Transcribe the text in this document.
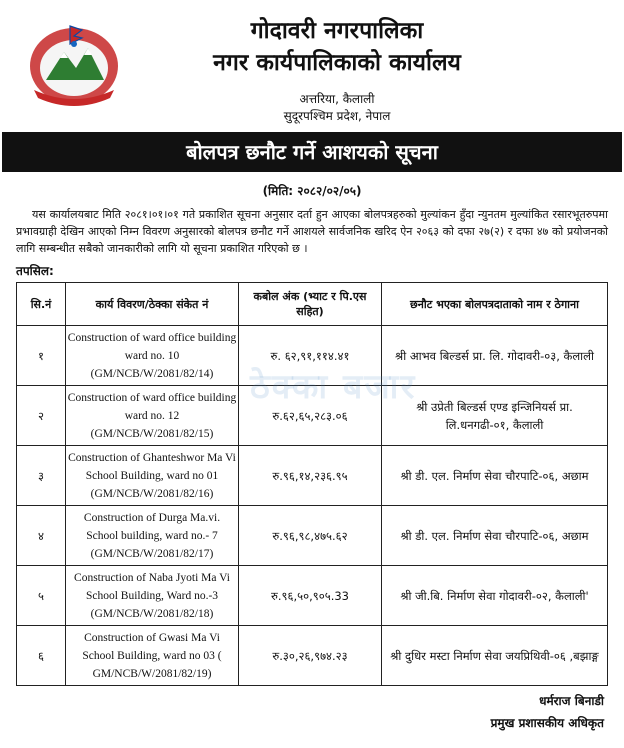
गोदावरी नगरपालिका
नगर कार्यपालिकाको कार्यालय
अत्तरिया, कैलाली
सुदूरपश्चिम प्रदेश, नेपाल
बोलपत्र छनौट गर्ने आशयको सूचना
(मिति: २०८२/०२/०५)
यस कार्यालयबाट मिति २०८१।०१।०१ गते प्रकाशित सूचना अनुसार दर्ता हुन आएका बोलपत्रहरुको मुल्यांकन हुँदा न्युनतम मुल्यांकित रसारभूतरुपमा प्रभावग्राही देखिन आएको निम्न विवरण अनुसारको बोलपत्र छनौट गर्ने आशयले सार्वजनिक खरिद ऐन २०६३ को दफा २७(२) र दफा ४७ को प्रयोजनको लागि सम्बन्धीत सबैको जानकारीको लागि यो सूचना प्रकाशित गरिएको छ ।
तपसिल:
सि.नं	कार्य विवरण/ठेक्का संकेत नं	कबोल अंक (भ्याट र पि.एस सहित)	छनौट भएका बोलपत्रदाताको नाम र ठेगाना
१	Construction of ward office building ward no. 10 (GM/NCB/W/2081/82/14)	रु. ६२,९१,११४.४१	श्री आभव बिल्डर्स प्रा. लि. गोदावरी-०३, कैलाली
२	Construction of ward office building ward no. 12 (GM/NCB/W/2081/82/15)	रु.६२,६५,२८३.०६	श्री उप्रेती बिल्डर्स एण्ड इन्जिनियर्स प्रा. लि.धनगढी-०१, कैलाली
३	Construction of Ghanteshwor Ma Vi School Building, ward no 01 (GM/NCB/W/2081/82/16)	रु.९६,१४,२३६.९५	श्री डी. एल. निर्माण सेवा चौरपाटि-०६, अछाम
४	Construction of Durga Ma.vi. School building, ward no.- 7 (GM/NCB/W/2081/82/17)	रु.९६,९८,४७५.६२	श्री डी. एल. निर्माण सेवा चौरपाटि-०६, अछाम
५	Construction of Naba Jyoti Ma Vi School Building, Ward no.-3 (GM/NCB/W/2081/82/18)	रु.९६,५०,९०५.33	श्री जी.बि. निर्माण सेवा गोदावरी-०२, कैलाली'
६	Construction of Gwasi Ma Vi School Building, ward no 03 ( GM/NCB/W/2081/82/19)	रु.३०,२६,९७४.२३	श्री दुधिर मस्टा निर्माण सेवा जयप्रिथिवी-०६ ,बझाङ्ग
ठेक्का बजार
धर्मराज बिनाडी
प्रमुख प्रशासकीय अधिकृत
